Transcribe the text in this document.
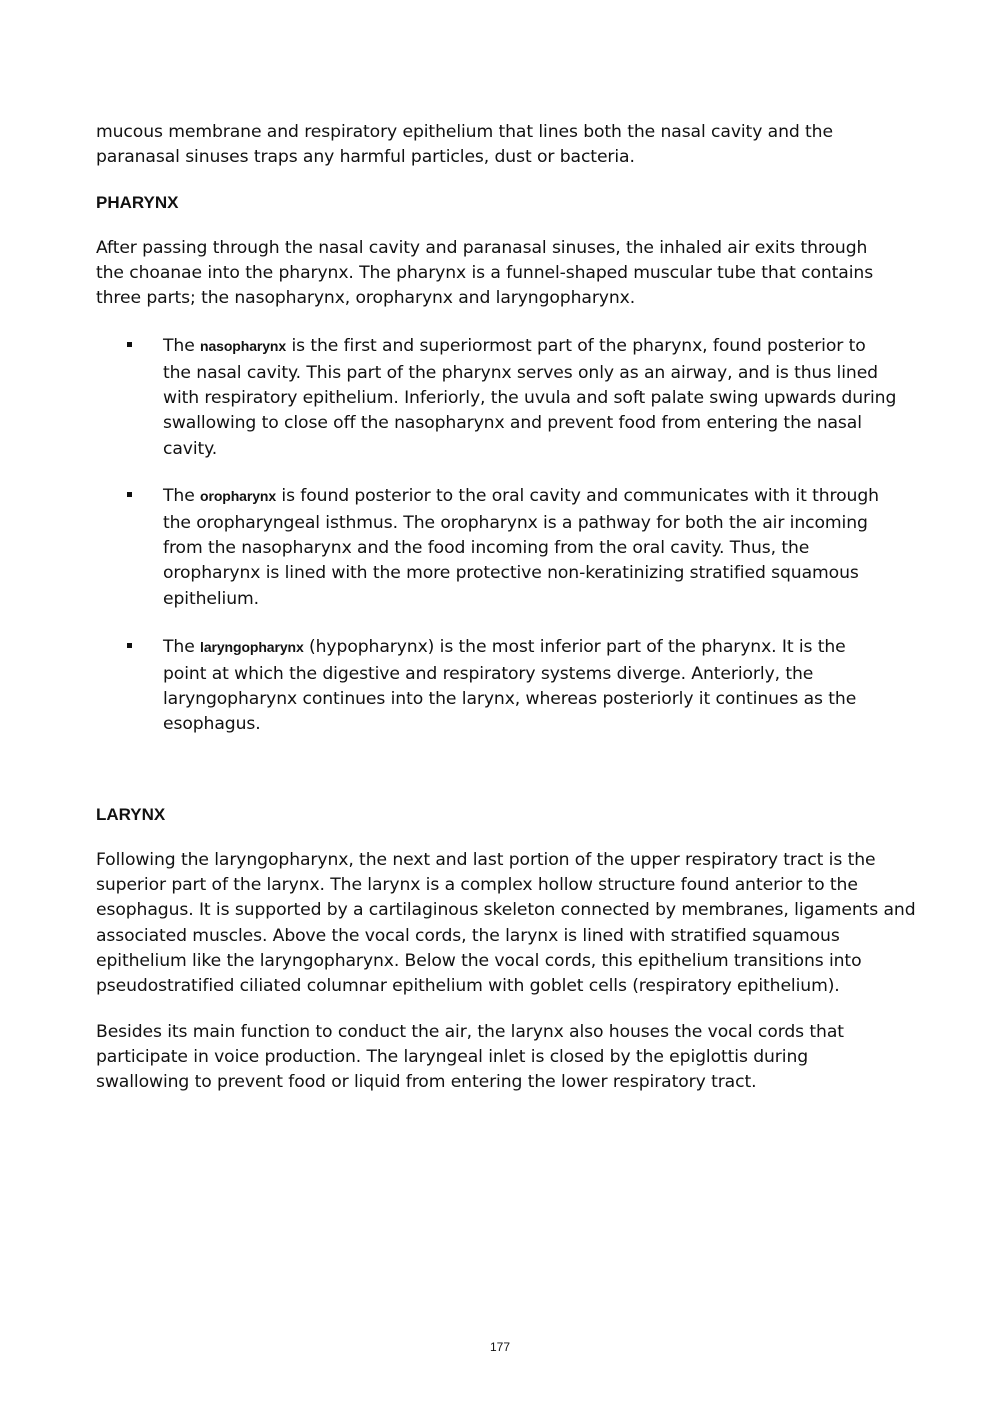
mucous membrane and respiratory epithelium that lines both the nasal cavity and the

paranasal sinuses traps any harmful particles, dust or bacteria.

PHARYNX

After passing through the nasal cavity and paranasal sinuses, the inhaled air exits through

the choanae into the pharynx. The pharynx is a funnel-shaped muscular tube that contains

three parts; the nasopharynx, oropharynx and laryngopharynx.

The nasopharynx is the first and superiormost part of the pharynx, found posterior to
the nasal cavity. This part of the pharynx serves only as an airway, and is thus lined
with respiratory epithelium. Inferiorly, the uvula and soft palate swing upwards during
swallowing to close off the nasopharynx and prevent food from entering the nasal
cavity.
The oropharynx is found posterior to the oral cavity and communicates with it through
the oropharyngeal isthmus. The oropharynx is a pathway for both the air incoming
from the nasopharynx and the food incoming from the oral cavity. Thus, the
oropharynx is lined with the more protective non-keratinizing stratified squamous
epithelium.
The laryngopharynx (hypopharynx) is the most inferior part of the pharynx. It is the
point at which the digestive and respiratory systems diverge. Anteriorly, the
laryngopharynx continues into the larynx, whereas posteriorly it continues as the
esophagus.
LARYNX

Following the laryngopharynx, the next and last portion of the upper respiratory tract is the

superior part of the larynx. The larynx is a complex hollow structure found anterior to the

esophagus. It is supported by a cartilaginous skeleton connected by membranes, ligaments and

associated muscles. Above the vocal cords, the larynx is lined with stratified squamous

epithelium like the laryngopharynx. Below the vocal cords, this epithelium transitions into

pseudostratified ciliated columnar epithelium with goblet cells (respiratory epithelium).

Besides its main function to conduct the air, the larynx also houses the vocal cords that

participate in voice production. The laryngeal inlet is closed by the epiglottis during

swallowing to prevent food or liquid from entering the lower respiratory tract.

177
